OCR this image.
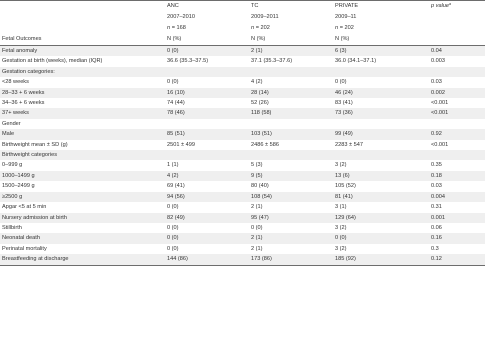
	ANC	TC	PRIVATE	p value$^a$
	2007–2010	2009–2011	2009–11	
	n = 168	n = 202	n = 202	
Fetal Outcomes	N (%)	N (%)	N (%)	
Fetal anomaly	0 (0)	2 (1)	6 (3)	0.04
Gestation at birth (weeks), median (IQR)	36.6 (35.3–37.5)	37.1 (35.3–37.6)	36.0 (34.1–37.1)	0.003
Gestation categories:				
<28 weeks	0 (0)	4 (2)	0 (0)	0.03
28–33 + 6 weeks	16 (10)	28 (14)	46 (24)	0.002
34–36 + 6 weeks	74 (44)	52 (26)	83 (41)	<0.001
37+ weeks	78 (46)	118 (58)	73 (36)	<0.001
Gender				
Male	85 (51)	103 (51)	99 (49)	0.92
Birthweight mean ± SD (g)	2501 ± 499	2486 ± 586	2283 ± 547	<0.001
Birthweight categories				
0–999 g	1 (1)	5 (3)	3 (2)	0.35
1000–1499 g	4 (2)	9 (5)	13 (6)	0.18
1500–2499 g	69 (41)	80 (40)	105 (52)	0.03
≥2500 g	94 (56)	108 (54)	81 (41)	0.004
Apgar <5 at 5 min	0 (0)	2 (1)	3 (1)	0.31
Nursery admission at birth	82 (49)	95 (47)	129 (64)	0.001
Stillbirth	0 (0)	0 (0)	3 (2)	0.06
Neonatal death	0 (0)	2 (1)	0 (0)	0.16
Perinatal mortality	0 (0)	2 (1)	3 (2)	0.3
Breastfeeding at discharge	144 (86)	173 (86)	185 (92)	0.12
